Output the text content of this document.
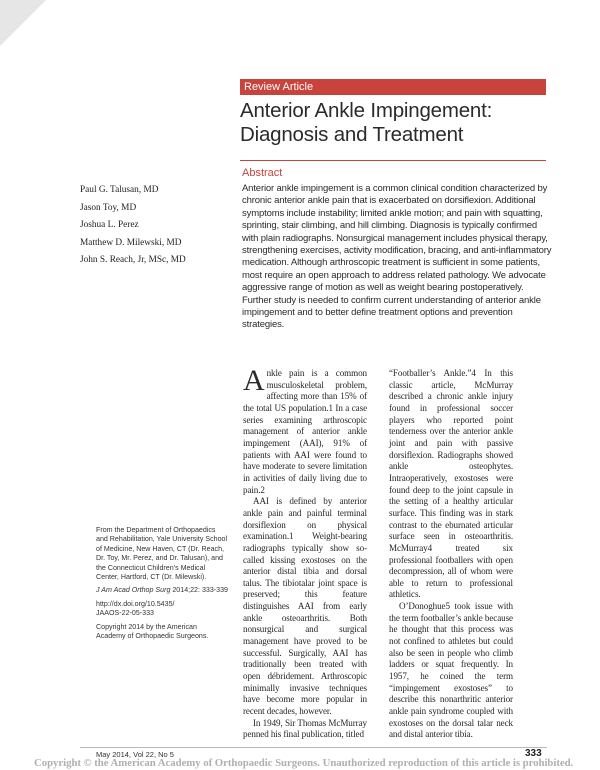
Review Article
Anterior Ankle Impingement:
Diagnosis and Treatment
Abstract
Anterior ankle impingement is a common clinical condition characterized by chronic anterior ankle pain that is exacerbated on dorsiflexion. Additional symptoms include instability; limited ankle motion; and pain with squatting, sprinting, stair climbing, and hill climbing. Diagnosis is typically confirmed with plain radiographs. Nonsurgical management includes physical therapy, strengthening exercises, activity modification, bracing, and anti-inflammatory medication. Although arthroscopic treatment is sufficient in some patients, most require an open approach to address related pathology. We advocate aggressive range of motion as well as weight bearing postoperatively. Further study is needed to confirm current understanding of anterior ankle impingement and to better define treatment options and prevention strategies.
Paul G. Talusan, MD
Jason Toy, MD
Joshua L. Perez
Matthew D. Milewski, MD
John S. Reach, Jr, MSc, MD

Ankle pain is a common musculoskeletal problem, affecting more than 15% of the total US population.1 In a case series examining arthroscopic management of anterior ankle impingement (AAI), 91% of patients with AAI were found to have moderate to severe limitation in activities of daily living due to pain.2

AAI is defined by anterior ankle pain and painful terminal dorsiflexion on physical examination.1 Weight-bearing radiographs typically show so-called kissing exostoses on the anterior distal tibia and dorsal talus. The tibiotalar joint space is preserved; this feature distinguishes AAI from early ankle osteoarthritis. Both nonsurgical and surgical management have proved to be successful. Surgically, AAI has traditionally been treated with open débridement. Arthroscopic minimally invasive techniques have become more popular in recent decades, however.

In 1949, Sir Thomas McMurray penned his final publication, titled

“Footballer’s Ankle.”4 In this classic article, McMurray described a chronic ankle injury found in professional soccer players who reported point tenderness over the anterior ankle joint and pain with passive dorsiflexion. Radiographs showed ankle osteophytes. Intraoperatively, exostoses were found deep to the joint capsule in the setting of a healthy articular surface. This finding was in stark contrast to the eburnated articular surface seen in osteoarthritis. McMurray4 treated six professional footballers with open decompression, all of whom were able to return to professional athletics.

O’Donoghue5 took issue with the term footballer’s ankle because he thought that this process was not confined to athletes but could also be seen in people who climb ladders or squat frequently. In 1957, he coined the term “impingement exostoses” to describe this nonarthritic anterior ankle pain syndrome coupled with exostoses on the dorsal talar neck and distal anterior tibia.

From the Department of Orthopaedics and Rehabilitation, Yale University School of Medicine, New Haven, CT (Dr. Reach, Dr. Toy, Mr. Perez, and Dr. Talusan), and the Connecticut Children’s Medical Center, Hartford, CT (Dr. Milewski).

J Am Acad Orthop Surg 2014;22: 333-339

http://dx.doi.org/10.5435/
JAAOS-22-05-333

Copyright 2014 by the American Academy of Orthopaedic Surgeons.

May 2014, Vol 22, No 5	333
Copyright © the American Academy of Orthopaedic Surgeons. Unauthorized reproduction of this article is prohibited.
